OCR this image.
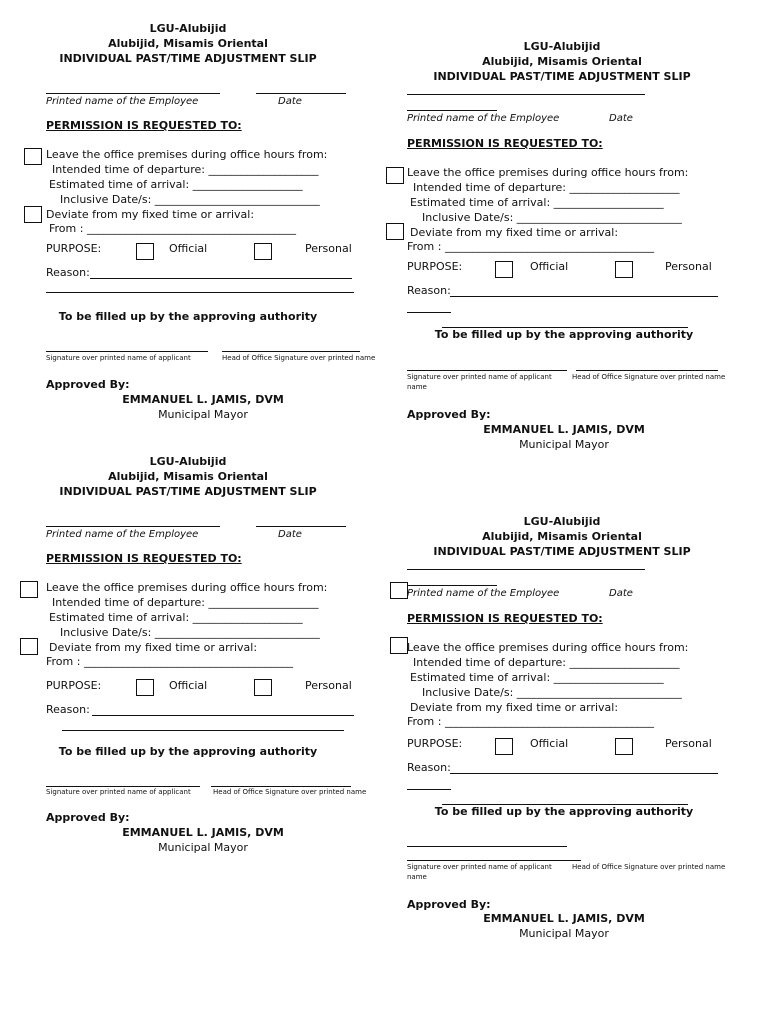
LGU-Alubijid
Alubijid, Misamis Oriental
INDIVIDUAL PAST/TIME ADJUSTMENT SLIP
Printed name of the Employee	Date
PERMISSION IS REQUESTED TO:
Leave the office premises during office hours from:
Intended time of departure: ____________________
Estimated time of arrival: ____________________
Inclusive Date/s: ______________________________
Deviate from my fixed time or arrival:
From : ______________________________________
PURPOSE:	Official	Personal
Reason:
To be filled up by the approving authority
Signature over printed name of applicant	Head of Office Signature over printed name
Approved By:
EMMANUEL L. JAMIS, DVM
Municipal Mayor
LGU-Alubijid
Alubijid, Misamis Oriental
INDIVIDUAL PAST/TIME ADJUSTMENT SLIP
Printed name of the Employee	Date
PERMISSION IS REQUESTED TO:
Leave the office premises during office hours from:
Intended time of departure: ____________________
Estimated time of arrival: ____________________
Inclusive Date/s: ______________________________
Deviate from my fixed time or arrival:
From : ______________________________________
PURPOSE:	Official	Personal
Reason:
To be filled up by the approving authority
Signature over printed name of applicant
name
Head of Office Signature over printed name
Approved By:
EMMANUEL L. JAMIS, DVM
Municipal Mayor
LGU-Alubijid
Alubijid, Misamis Oriental
INDIVIDUAL PAST/TIME ADJUSTMENT SLIP
Printed name of the Employee	Date
PERMISSION IS REQUESTED TO:
Leave the office premises during office hours from:
Intended time of departure: ____________________
Estimated time of arrival: ____________________
Inclusive Date/s: ______________________________
Deviate from my fixed time or arrival:
From : ______________________________________
PURPOSE:	Official	Personal
Reason:
To be filled up by the approving authority
Signature over printed name of applicant	Head of Office Signature over printed name
Approved By:
EMMANUEL L. JAMIS, DVM
Municipal Mayor
LGU-Alubijid
Alubijid, Misamis Oriental
INDIVIDUAL PAST/TIME ADJUSTMENT SLIP
Printed name of the Employee	Date
PERMISSION IS REQUESTED TO:
Leave the office premises during office hours from:
Intended time of departure: ____________________
Estimated time of arrival: ____________________
Inclusive Date/s: ______________________________
Deviate from my fixed time or arrival:
From : ______________________________________
PURPOSE:	Official	Personal
Reason:
To be filled up by the approving authority
Signature over printed name of applicant
name
Head of Office Signature over printed name
Approved By:
EMMANUEL L. JAMIS, DVM
Municipal Mayor
